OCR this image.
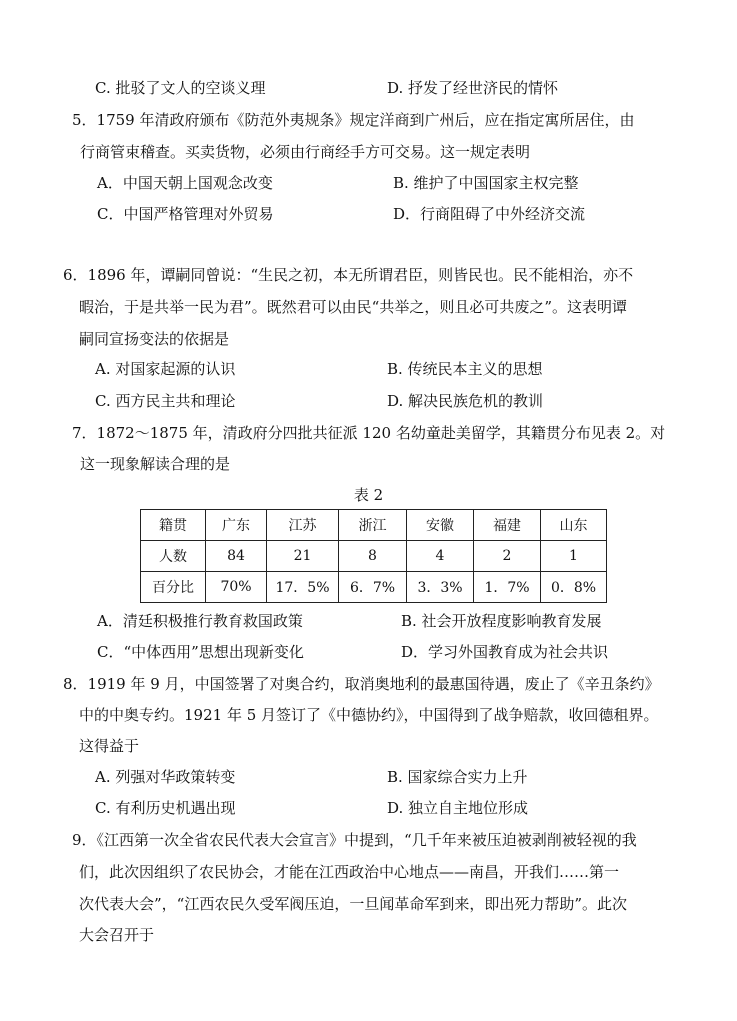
C. 批驳了文人的空谈义理	D. 抒发了经世济民的情怀
5．1759 年清政府颁布《防范外夷规条》规定洋商到广州后，应在指定寓所居住，由
行商管束稽查。买卖货物，必须由行商经手方可交易。这一规定表明
A．中国天朝上国观念改变	B. 维护了中国国家主权完整
C．中国严格管理对外贸易	D．行商阻碍了中外经济交流
6．1896 年，谭嗣同曾说：“生民之初，本无所谓君臣，则皆民也。民不能相治，亦不
暇治，于是共举一民为君”。既然君可以由民“共举之，则且必可共废之”。这表明谭
嗣同宣扬变法的依据是
A. 对国家起源的认识	B. 传统民本主义的思想
C. 西方民主共和理论	D. 解决民族危机的教训
7．1872～1875 年，清政府分四批共征派 120 名幼童赴美留学，其籍贯分布见表 2。对
这一现象解读合理的是
表 2
籍贯	广东	江苏	浙江	安徽	福建	山东
人数	84	21	8	4	2	1
百分比	70%	17．5%	6．7%	3．3%	1．7%	0．8%
A．清廷积极推行教育救国政策	B. 社会开放程度影响教育发展
C．“中体西用”思想出现新变化	D．学习外国教育成为社会共识
8．1919 年 9 月，中国签署了对奥合约，取消奥地利的最惠国待遇，废止了《辛丑条约》
中的中奥专约。1921 年 5 月签订了《中德协约》，中国得到了战争赔款，收回德租界。
这得益于
A. 列强对华政策转变	B. 国家综合实力上升
C. 有利历史机遇出现	D. 独立自主地位形成
9．《江西第一次全省农民代表大会宣言》中提到，“几千年来被压迫被剥削被轻视的我
们，此次因组织了农民协会，才能在江西政治中心地点——南昌，开我们……第一
次代表大会”，“江西农民久受军阀压迫，一旦闻革命军到来，即出死力帮助”。此次
大会召开于
